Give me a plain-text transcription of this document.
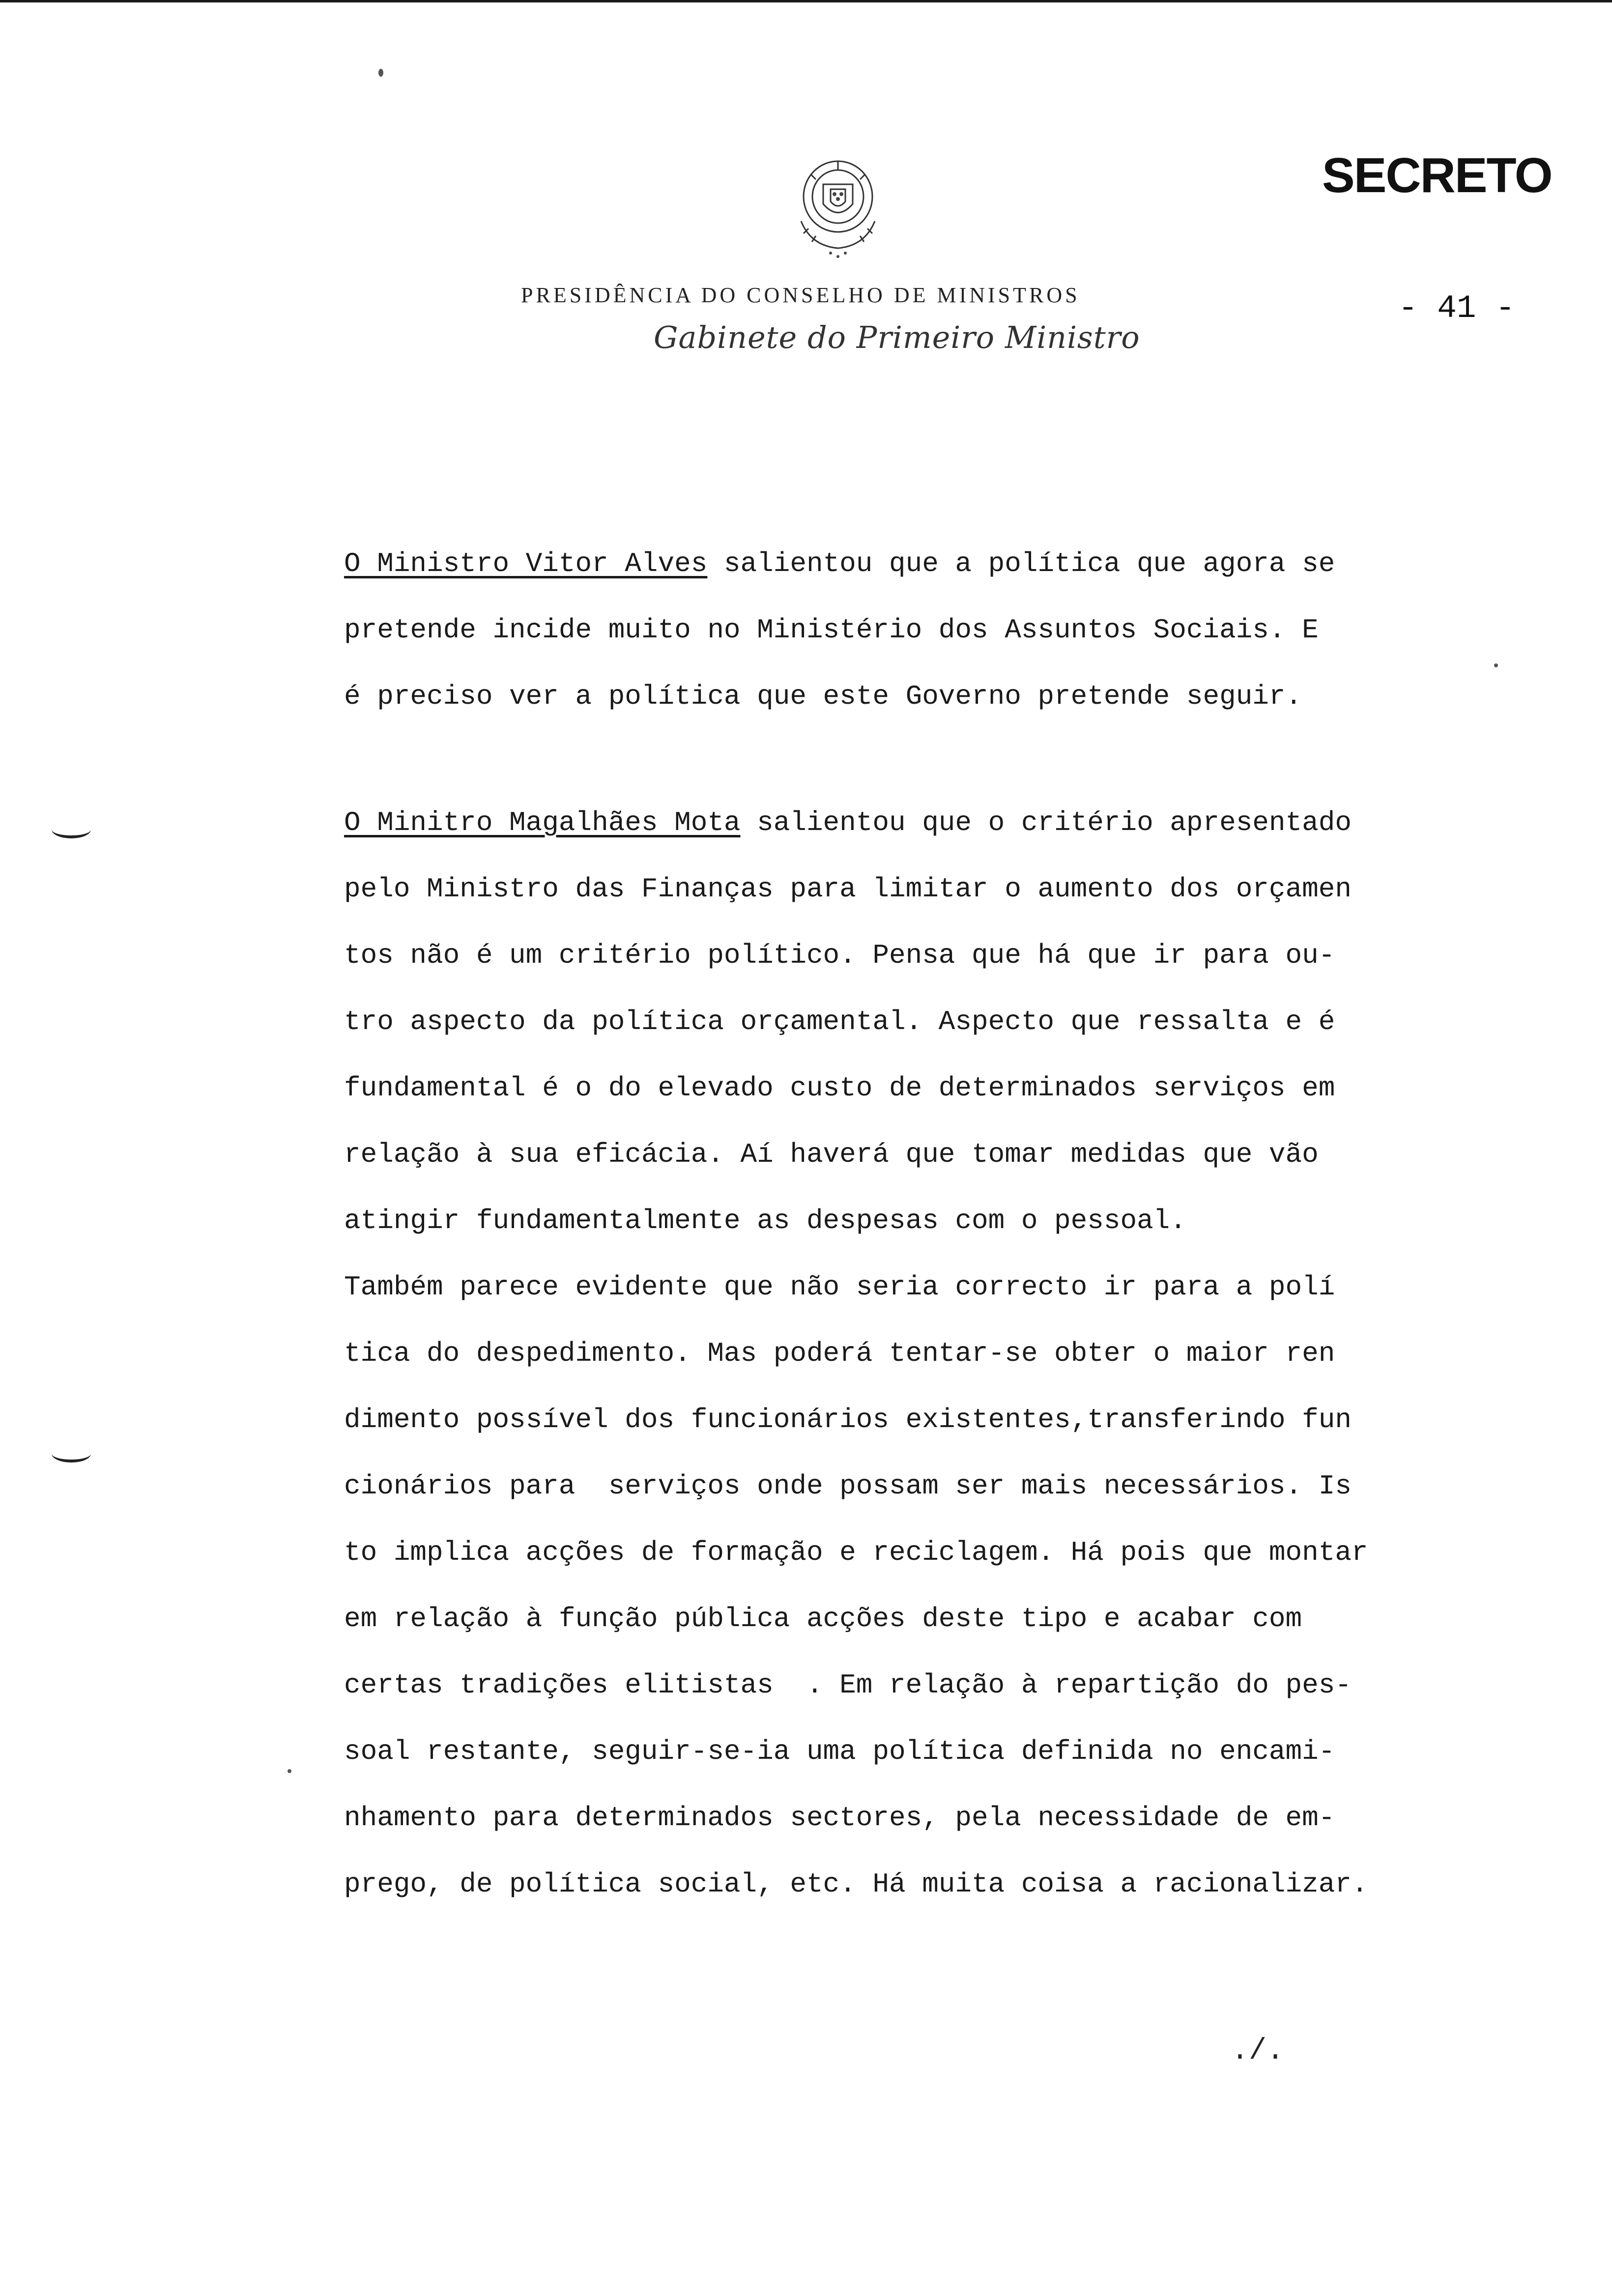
SECRETO
- 41 -
PRESIDÊNCIA DO CONSELHO DE MINISTROS
Gabinete do Primeiro Ministro
O Ministro Vitor Alves salientou que a política que agora se
pretende incide muito no Ministério dos Assuntos Sociais. E
é preciso ver a política que este Governo pretende seguir.
O Minitro Magalhães Mota salientou que o critério apresentado
pelo Ministro das Finanças para limitar o aumento dos orçamen
tos não é um critério político. Pensa que há que ir para ou-
tro aspecto da política orçamental. Aspecto que ressalta e é
fundamental é o do elevado custo de determinados serviços em
relação à sua eficácia. Aí haverá que tomar medidas que vão
atingir fundamentalmente as despesas com o pessoal.
Também parece evidente que não seria correcto ir para a polí
tica do despedimento. Mas poderá tentar-se obter o maior ren
dimento possível dos funcionários existentes,transferindo fun
cionários para  serviços onde possam ser mais necessários. Is
to implica acções de formação e reciclagem. Há pois que montar
em relação à função pública acções deste tipo e acabar com
certas tradições elitistas  . Em relação à repartição do pes-
soal restante, seguir-se-ia uma política definida no encami-
nhamento para determinados sectores, pela necessidade de em-
prego, de política social, etc. Há muita coisa a racionalizar.
./.
